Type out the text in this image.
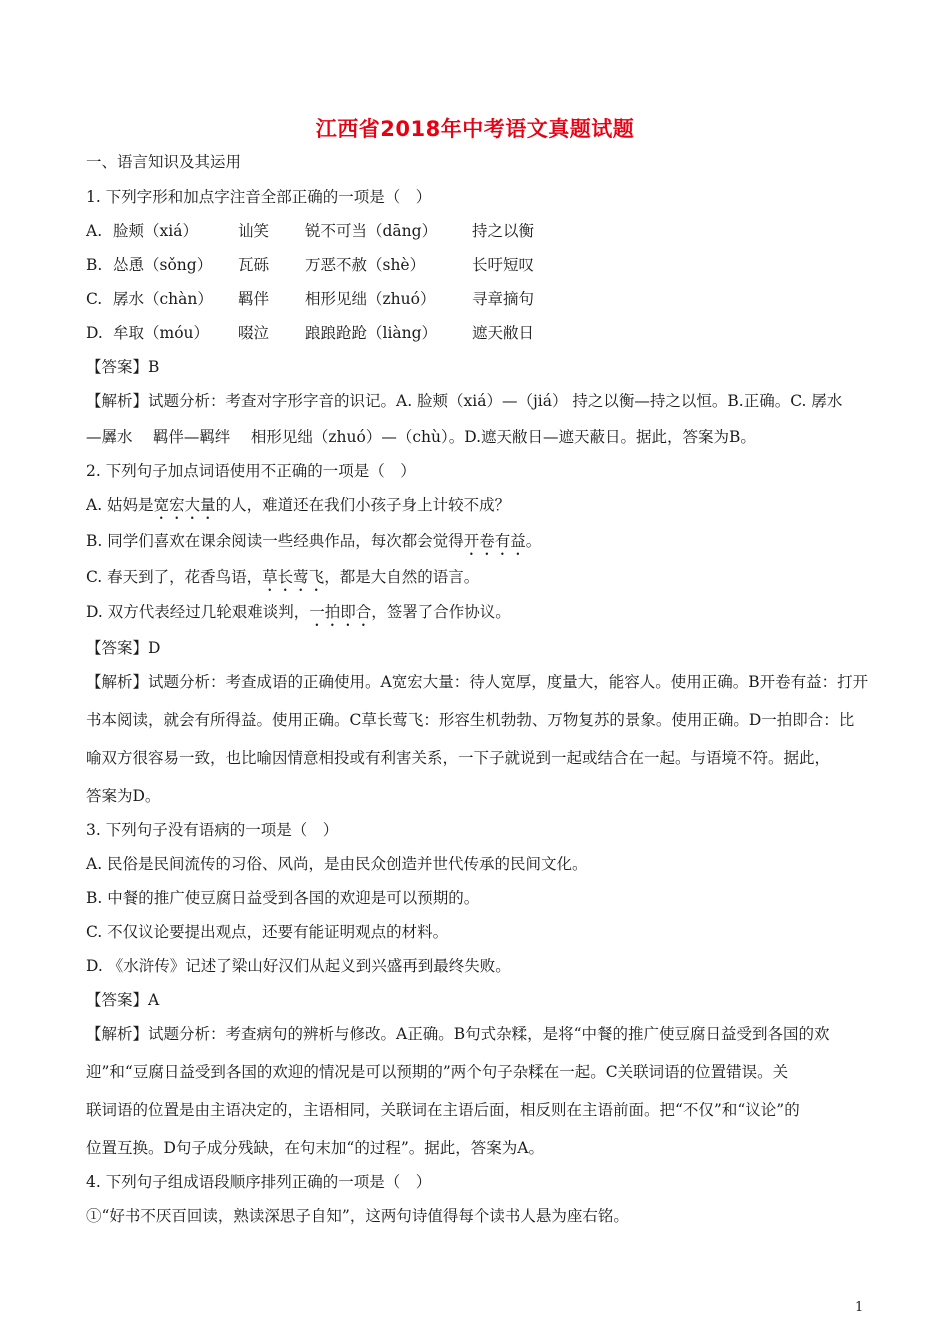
江西省2018年中考语文真题试题
一、语言知识及其运用
1. 下列字形和加点字注音全部正确的一项是（　）
A. 脸颊（xiá）	讪笑 锐不可当（dāng） 持之以衡
B. 怂恿（sǒng） 瓦砾 万恶不赦（shè）	长吁短叹
C. 孱水（chàn） 羁伴 相形见绌（zhuó） 寻章摘句
D. 牟取（móu） 啜泣 踉踉跄跄（liàng） 遮天敝日
【答案】B
【解析】试题分析：考查对字形字音的识记。A. 脸颊（xiá）—（jiá） 持之以衡—持之以恒。B.正确。C. 孱水
—羼水　 羁伴—羁绊　 相形见绌（zhuó）—（chù）。D.遮天敝日—遮天蔽日。据此，答案为B。
2. 下列句子加点词语使用不正确的一项是（　）
A. 姑妈是宽宏大量的人，难道还在我们小孩子身上计较不成？
B. 同学们喜欢在课余阅读一些经典作品，每次都会觉得开卷有益。
C. 春天到了，花香鸟语，草长莺飞，都是大自然的语言。
D. 双方代表经过几轮艰难谈判，一拍即合，签署了合作协议。
【答案】D
【解析】试题分析：考查成语的正确使用。A宽宏大量：待人宽厚，度量大，能容人。使用正确。B开卷有益：打开
书本阅读，就会有所得益。使用正确。C草长莺飞：形容生机勃勃、万物复苏的景象。使用正确。D一拍即合：比
喻双方很容易一致，也比喻因情意相投或有利害关系，一下子就说到一起或结合在一起。与语境不符。据此，
答案为D。
3. 下列句子没有语病的一项是（　）
A. 民俗是民间流传的习俗、风尚，是由民众创造并世代传承的民间文化。
B. 中餐的推广使豆腐日益受到各国的欢迎是可以预期的。
C. 不仅议论要提出观点，还要有能证明观点的材料。
D. 《水浒传》记述了梁山好汉们从起义到兴盛再到最终失败。
【答案】A
【解析】试题分析：考查病句的辨析与修改。A正确。B句式杂糅，是将“中餐的推广使豆腐日益受到各国的欢
迎”和“豆腐日益受到各国的欢迎的情况是可以预期的”两个句子杂糅在一起。C关联词语的位置错误。关
联词语的位置是由主语决定的，主语相同，关联词在主语后面，相反则在主语前面。把“不仅”和“议论”的
位置互换。D句子成分残缺，在句末加“的过程”。据此，答案为A。
4. 下列句子组成语段顺序排列正确的一项是（　）
①“好书不厌百回读，熟读深思子自知”，这两句诗值得每个读书人悬为座右铭。
1
